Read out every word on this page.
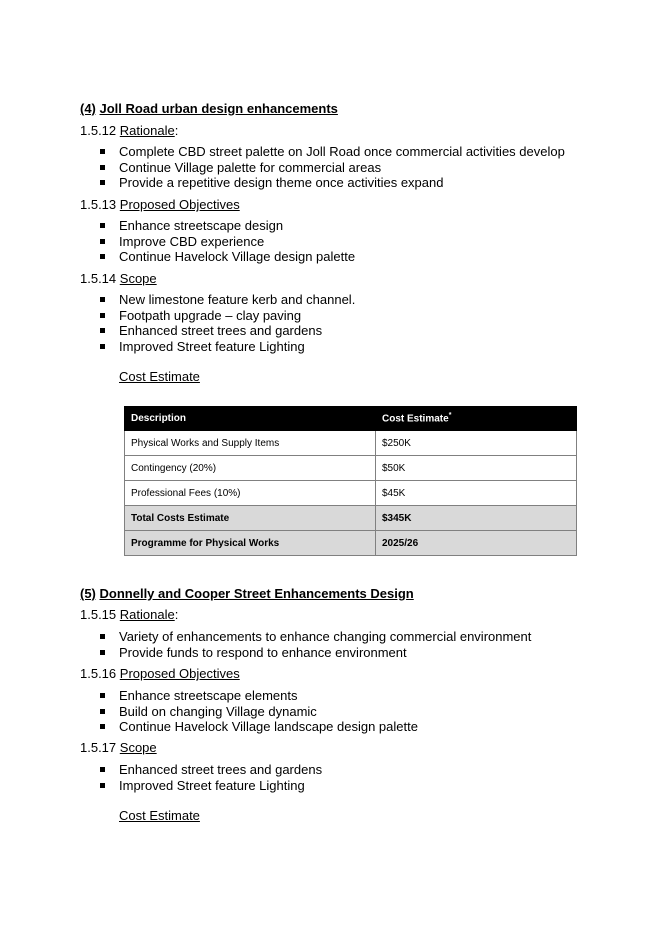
(4) Joll Road urban design enhancements
1.5.12 Rationale:
Complete CBD street palette on Joll Road once commercial activities develop
Continue Village palette for commercial areas
Provide a repetitive design theme once activities expand
1.5.13 Proposed Objectives
Enhance streetscape design
Improve CBD experience
Continue Havelock Village design palette
1.5.14 Scope
New limestone feature kerb and channel.
Footpath upgrade – clay paving
Enhanced street trees and gardens
Improved Street feature Lighting
Cost Estimate
Description	Cost Estimate*
Physical Works and Supply Items	$250K
Contingency (20%)	$50K
Professional Fees (10%)	$45K
Total Costs Estimate	$345K
Programme for Physical Works	2025/26
(5) Donnelly and Cooper Street Enhancements Design
1.5.15 Rationale:
Variety of enhancements to enhance changing commercial environment
Provide funds to respond to enhance environment
1.5.16 Proposed Objectives
Enhance streetscape elements
Build on changing Village dynamic
Continue Havelock Village landscape design palette
1.5.17 Scope
Enhanced street trees and gardens
Improved Street feature Lighting
Cost Estimate
